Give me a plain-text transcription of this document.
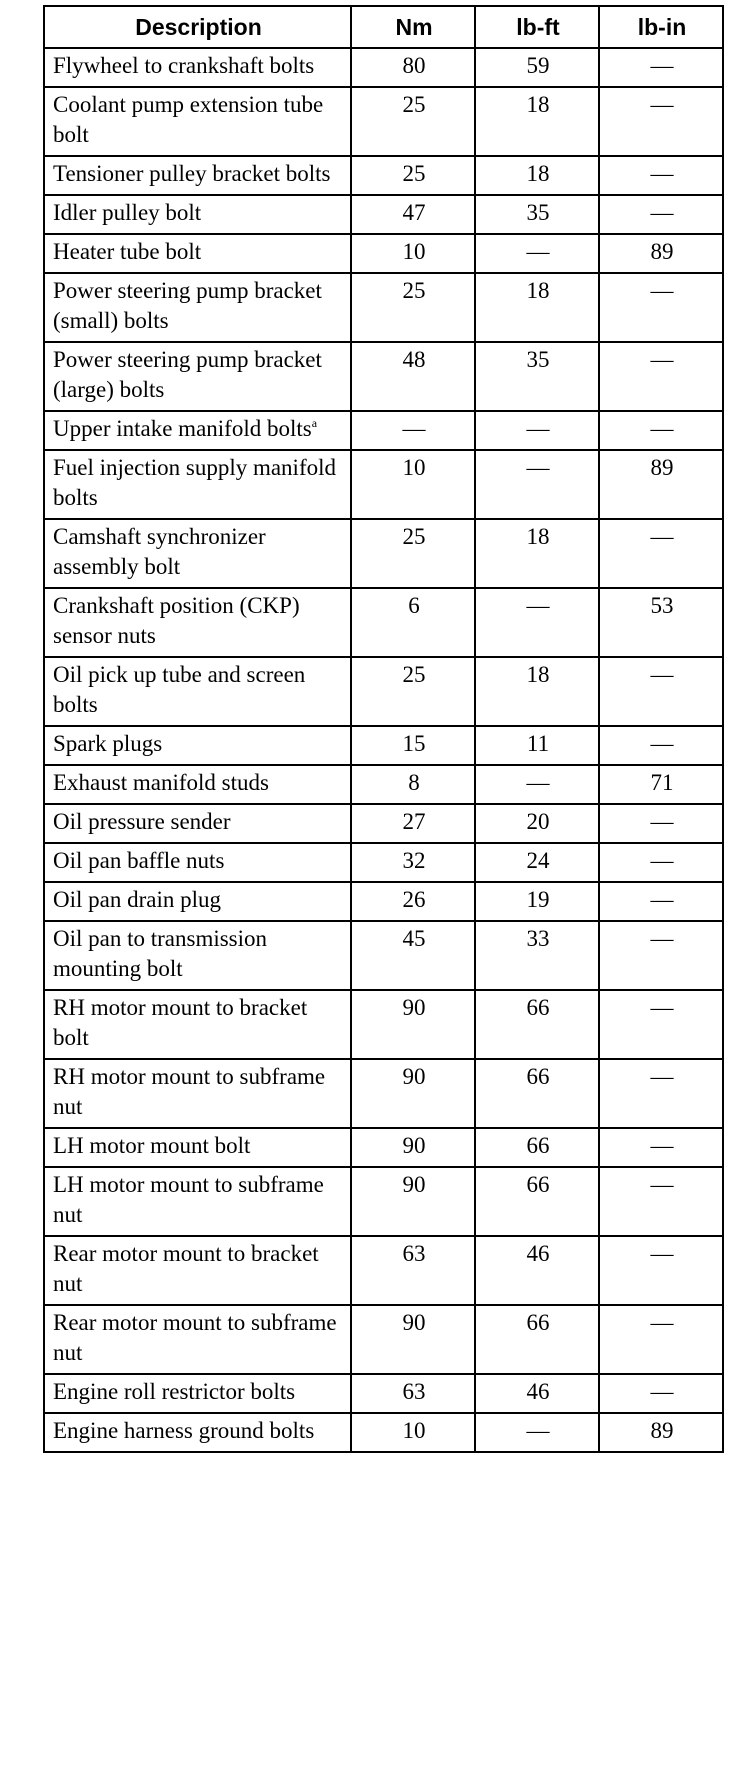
Description	Nm	lb-ft	lb-in
Flywheel to crankshaft bolts	80	59	—
Coolant pump extension tube bolt	25	18	—
Tensioner pulley bracket bolts	25	18	—
Idler pulley bolt	47	35	—
Heater tube bolt	10	—	89
Power steering pump bracket (small) bolts	25	18	—
Power steering pump bracket (large) bolts	48	35	—
Upper intake manifold bolts$^a$	—	—	—
Fuel injection supply manifold bolts	10	—	89
Camshaft synchronizer assembly bolt	25	18	—
Crankshaft position (CKP) sensor nuts	6	—	53
Oil pick up tube and screen bolts	25	18	—
Spark plugs	15	11	—
Exhaust manifold studs	8	—	71
Oil pressure sender	27	20	—
Oil pan baffle nuts	32	24	—
Oil pan drain plug	26	19	—
Oil pan to transmission mounting bolt	45	33	—
RH motor mount to bracket bolt	90	66	—
RH motor mount to subframe nut	90	66	—
LH motor mount bolt	90	66	—
LH motor mount to subframe nut	90	66	—
Rear motor mount to bracket nut	63	46	—
Rear motor mount to subframe nut	90	66	—
Engine roll restrictor bolts	63	46	—
Engine harness ground bolts	10	—	89
